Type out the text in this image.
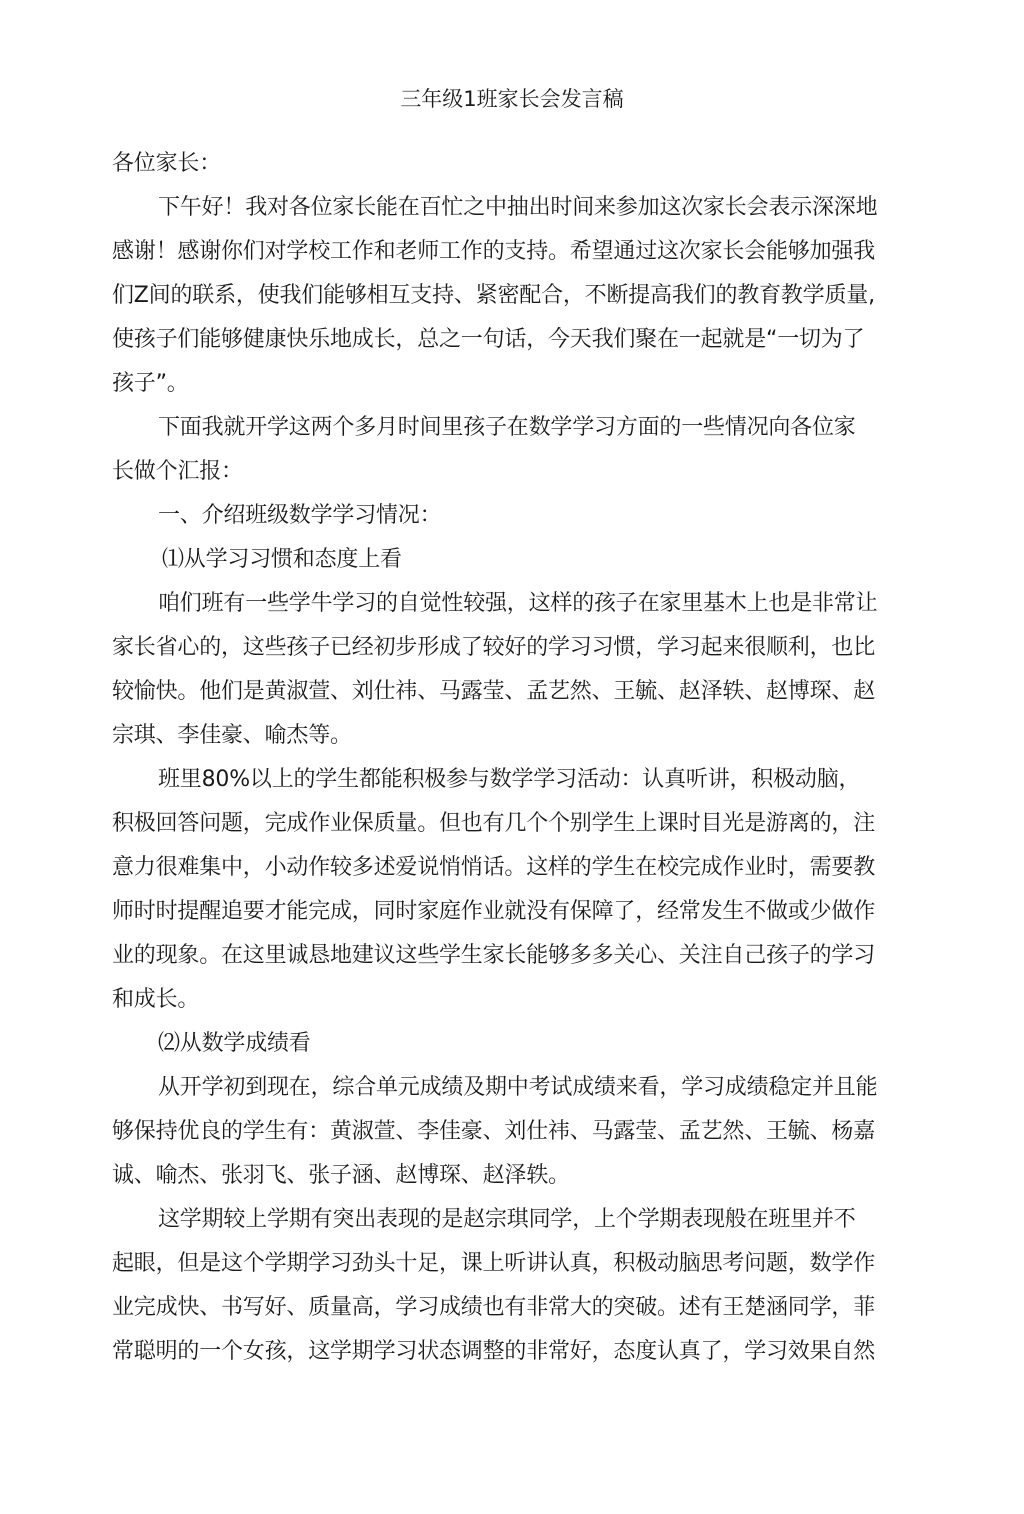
三年级1班家长会发言稿

各位家长：

下午好！我对各位家长能在百忙之中抽出时间来参加这次家长会表示深深地

感谢！感谢你们对学校工作和老师工作的支持。希望通过这次家长会能够加强我

们Z间的联系，使我们能够相互支持、紧密配合，不断提高我们的教育教学质量,

使孩子们能够健康快乐地成长，总之一句话，今天我们聚在一起就是“一切为了

孩子”。

下面我就开学这两个多月时间里孩子在数学学习方面的一些情况向各位家

长做个汇报：

一、介绍班级数学学习情况：

⑴从学习习惯和态度上看

咱们班有一些学牛学习的自觉性较强，这样的孩子在家里基木上也是非常让

家长省心的，这些孩子已经初步形成了较好的学习习惯，学习起来很顺利，也比

较愉快。他们是黄淑萱、刘仕祎、马露莹、孟艺然、王毓、赵泽轶、赵博琛、赵

宗琪、李佳豪、喻杰等。

班里80%以上的学生都能积极参与数学学习活动：认真听讲，积极动脑，

积极回答问题，完成作业保质量。但也有几个个别学生上课时目光是游离的，注

意力很难集中，小动作较多述爱说悄悄话。这样的学生在校完成作业时，需要教

师时时提醒追要才能完成，同时家庭作业就没有保障了，经常发生不做或少做作

业的现象。在这里诚恳地建议这些学生家长能够多多关心、关注自己孩子的学习

和成长。

⑵从数学成绩看

从开学初到现在，综合单元成绩及期中考试成绩来看，学习成绩稳定并且能

够保持优良的学生有：黄淑萱、李佳豪、刘仕祎、马露莹、孟艺然、王毓、杨嘉

诚、喻杰、张羽飞、张子涵、赵博琛、赵泽轶。

这学期较上学期有突出表现的是赵宗琪同学，上个学期表现般在班里并不

起眼，但是这个学期学习劲头十足，课上听讲认真，积极动脑思考问题，数学作

业完成快、书写好、质量高，学习成绩也有非常大的突破。述有王楚涵同学，菲

常聪明的一个女孩，这学期学习状态调整的非常好，态度认真了，学习效果自然
